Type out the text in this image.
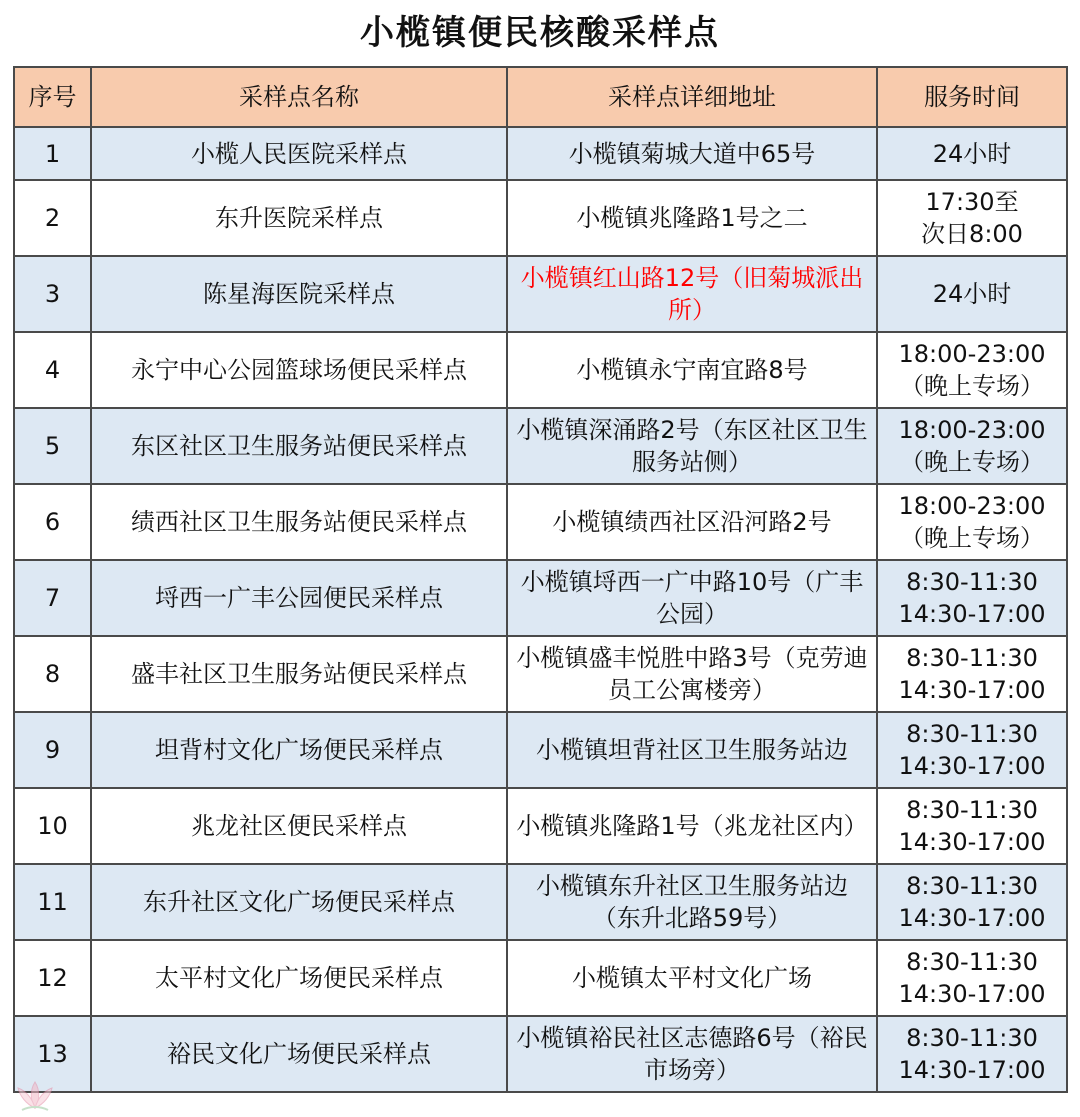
小榄镇便民核酸采样点
序号	采样点名称	采样点详细地址	服务时间
1	小榄人民医院采样点	小榄镇菊城大道中65号	24小时
2	东升医院采样点	小榄镇兆隆路1号之二	17:30至
次日8:00
3	陈星海医院采样点	小榄镇红山路12号（旧菊城派出所）	24小时
4	永宁中心公园篮球场便民采样点	小榄镇永宁南宜路8号	18:00-23:00
（晚上专场）
5	东区社区卫生服务站便民采样点	小榄镇深涌路2号（东区社区卫生服务站侧）	18:00-23:00
（晚上专场）
6	绩西社区卫生服务站便民采样点	小榄镇绩西社区沿河路2号	18:00-23:00
（晚上专场）
7	埒西一广丰公园便民采样点	小榄镇埒西一广中路10号（广丰公园）	8:30-11:30
14:30-17:00
8	盛丰社区卫生服务站便民采样点	小榄镇盛丰悦胜中路3号（克劳迪员工公寓楼旁）	8:30-11:30
14:30-17:00
9	坦背村文化广场便民采样点	小榄镇坦背社区卫生服务站边	8:30-11:30
14:30-17:00
10	兆龙社区便民采样点	小榄镇兆隆路1号（兆龙社区内）	8:30-11:30
14:30-17:00
11	东升社区文化广场便民采样点	小榄镇东升社区卫生服务站边（东升北路59号）	8:30-11:30
14:30-17:00
12	太平村文化广场便民采样点	小榄镇太平村文化广场	8:30-11:30
14:30-17:00
13	裕民文化广场便民采样点	小榄镇裕民社区志德路6号（裕民市场旁）	8:30-11:30
14:30-17:00
